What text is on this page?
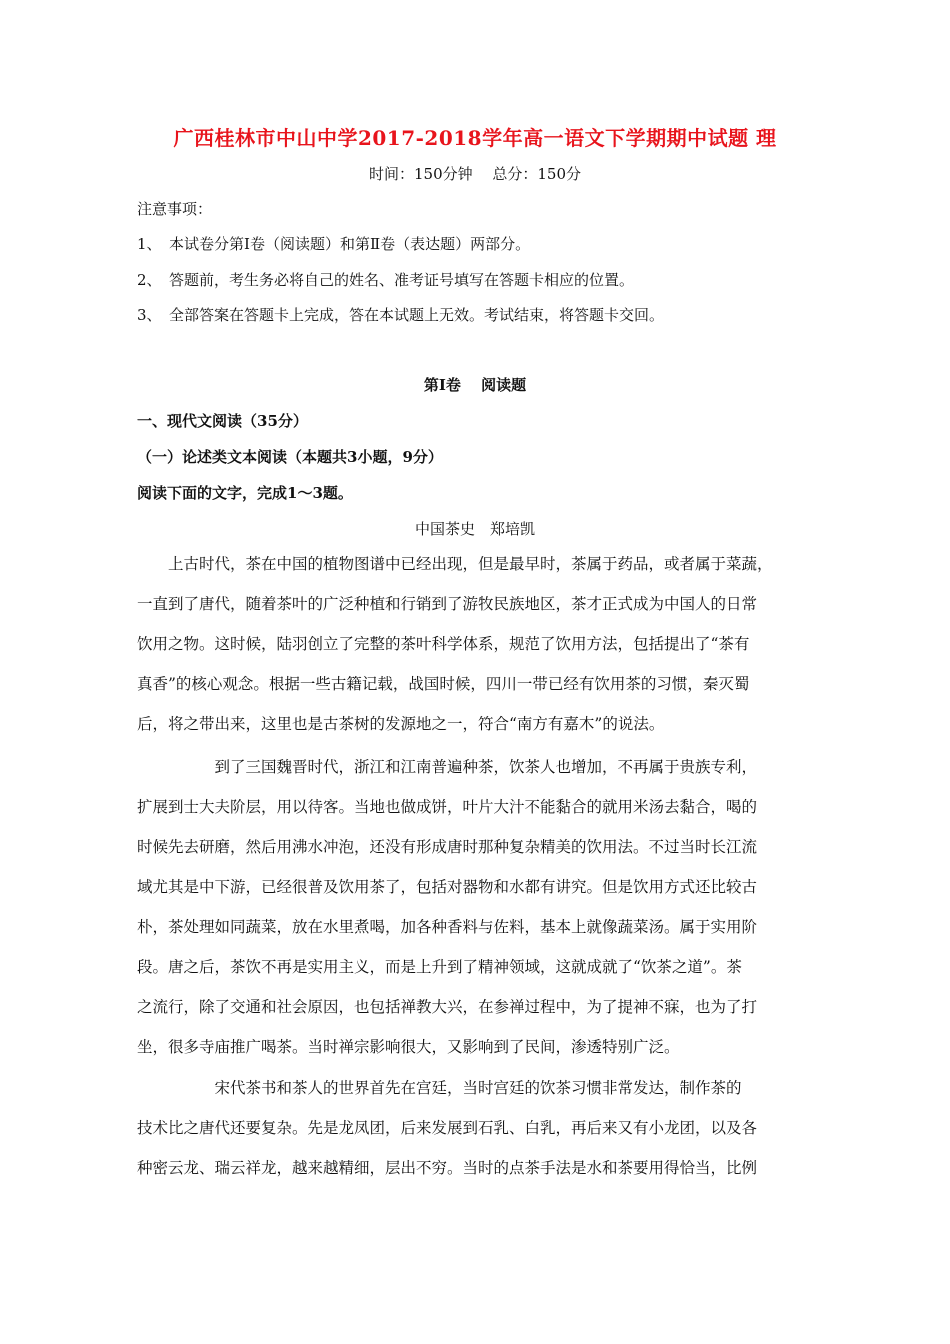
广西桂林市中山中学2017-2018学年高一语文下学期期中试题 理
时间：150分钟　 总分：150分
注意事项：
1、　本试卷分第Ⅰ卷（阅读题）和第Ⅱ卷（表达题）两部分。
2、　答题前，考生务必将自己的姓名、准考证号填写在答题卡相应的位置。
3、　全部答案在答题卡上完成，答在本试题上无效。考试结束，将答题卡交回。
第Ⅰ卷　 阅读题
一、现代文阅读（35分）
（一）论述类文本阅读（本题共3小题，9分）
阅读下面的文字，完成1～3题。
中国茶史　郑培凯
　　上古时代，茶在中国的植物图谱中已经出现，但是最早时，茶属于药品，或者属于菜蔬，
一直到了唐代，随着茶叶的广泛种植和行销到了游牧民族地区，茶才正式成为中国人的日常
饮用之物。这时候，陆羽创立了完整的茶叶科学体系，规范了饮用方法，包括提出了“茶有
真香”的核心观念。根据一些古籍记载，战国时候，四川一带已经有饮用茶的习惯，秦灭蜀
后，将之带出来，这里也是古茶树的发源地之一，符合“南方有嘉木”的说法。
　　　　　到了三国魏晋时代，浙江和江南普遍种茶，饮茶人也增加，不再属于贵族专利，
扩展到士大夫阶层，用以待客。当地也做成饼，叶片大汁不能黏合的就用米汤去黏合，喝的
时候先去研磨，然后用沸水冲泡，还没有形成唐时那种复杂精美的饮用法。不过当时长江流
域尤其是中下游，已经很普及饮用茶了，包括对器物和水都有讲究。但是饮用方式还比较古
朴，茶处理如同蔬菜，放在水里煮喝，加各种香料与佐料，基本上就像蔬菜汤。属于实用阶
段。唐之后，茶饮不再是实用主义，而是上升到了精神领域，这就成就了“饮茶之道”。茶
之流行，除了交通和社会原因，也包括禅教大兴，在参禅过程中，为了提神不寐，也为了打
坐，很多寺庙推广喝茶。当时禅宗影响很大，又影响到了民间，渗透特别广泛。
　　　　　宋代茶书和茶人的世界首先在宫廷，当时宫廷的饮茶习惯非常发达，制作茶的
技术比之唐代还要复杂。先是龙凤团，后来发展到石乳、白乳，再后来又有小龙团，以及各
种密云龙、瑞云祥龙，越来越精细，层出不穷。当时的点茶手法是水和茶要用得恰当，比例
